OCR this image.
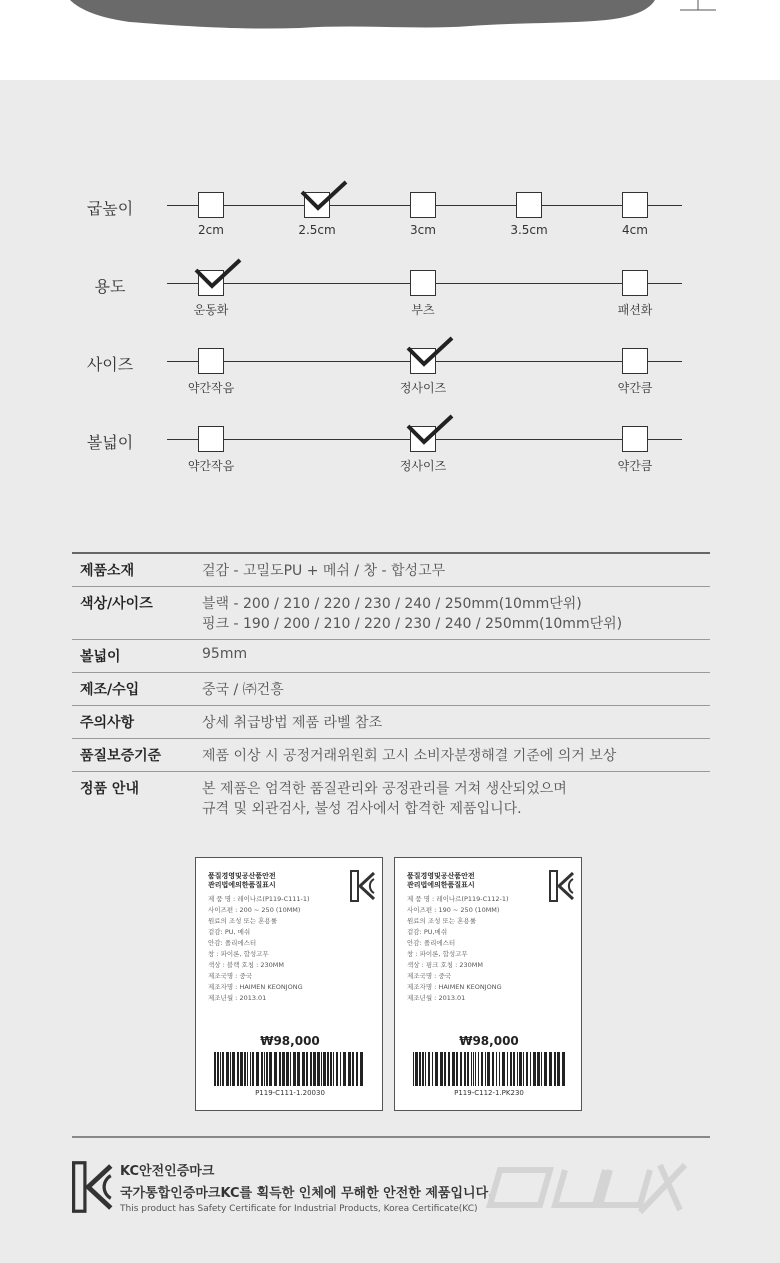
굽높이
2cm	2.5cm	3cm	3.5cm	4cm
용도
운동화	부츠	패션화
사이즈
약간작음	정사이즈	약간큼
볼넓이
약간작음	정사이즈	약간큼
제품소재	겉감 - 고밀도PU + 메쉬 / 창 - 합성고무
색상/사이즈	블랙 - 200 / 210 / 220 / 230 / 240 / 250mm(10mm단위)
핑크 - 190 / 200 / 210 / 220 / 230 / 240 / 250mm(10mm단위)

볼넓이	95mm
제조/수입	중국 / ㈜건흥
주의사항	상세 취급방법 제품 라벨 참조
품질보증기준	제품 이상 시 공정거래위원회 고시 소비자분쟁해결 기준에 의거 보상
정품 안내	본 제품은 엄격한 품질관리와 공정관리를 거쳐 생산되었으며
규격 및 외관검사, 불성 검사에서 합격한 제품입니다.
품질경영및공산품안전
관리법에의한품질표시
제 품 명 : 레이나르(P119-C111-1)
사이즈편 : 200 ~ 250 (10MM)
원료의 조성 또는 혼용률
겉감: PU, 메쉬
안감: 폴리에스터
창 : 파이론, 합성고무
색상 : 블랙 호칭 : 230MM
제조국명 : 중국
제조자명 : HAIMEN KEONJONG
제조년월 : 2013.01
₩98,000
P119-C111-1.20030
품질경영및공산품안전
관리법에의한품질표시
제 품 명 : 레이나르(P119-C112-1)
사이즈편 : 190 ~ 250 (10MM)
원료의 조성 또는 혼용률
겉감: PU,메쉬
안감: 폴리에스터
창 : 파이론, 합성고무
색상 : 핑크 호칭 : 230MM
제조국명 : 중국
제조자명 : HAIMEN KEONJONG
제조년월 : 2013.01
₩98,000
P119-C112-1.PK230
KC안전인증마크
국가통합인증마크KC를 획득한 인체에 무해한 안전한 제품입니다.
This product has Safety Certificate for Industrial Products, Korea Certificate(KC)
